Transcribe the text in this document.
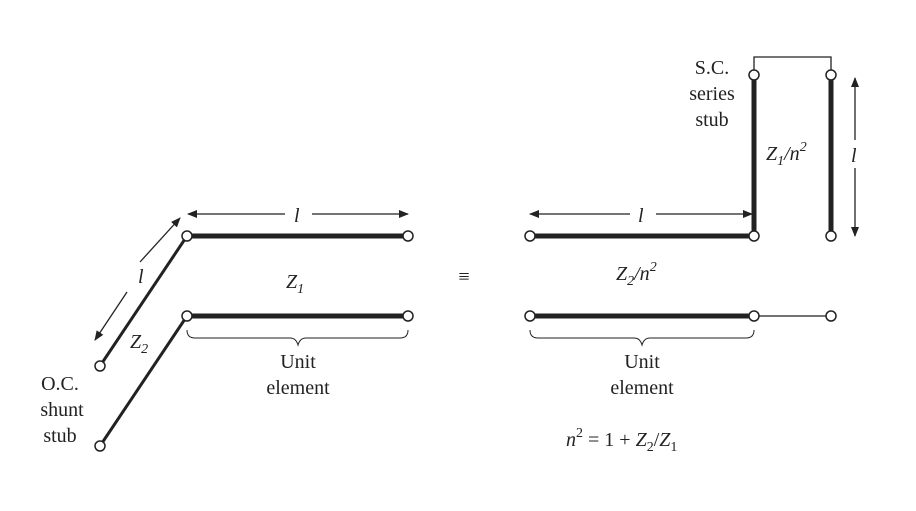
l
l	$Z_1$
$Z_2$
Unit
element
O.C.
shunt
stub
≡
l
l
$Z_2/n^2$
$Z_1/n^2$
S.C.
series
stub
Unit
element
$n^2 = 1 + Z_2/Z_1$
